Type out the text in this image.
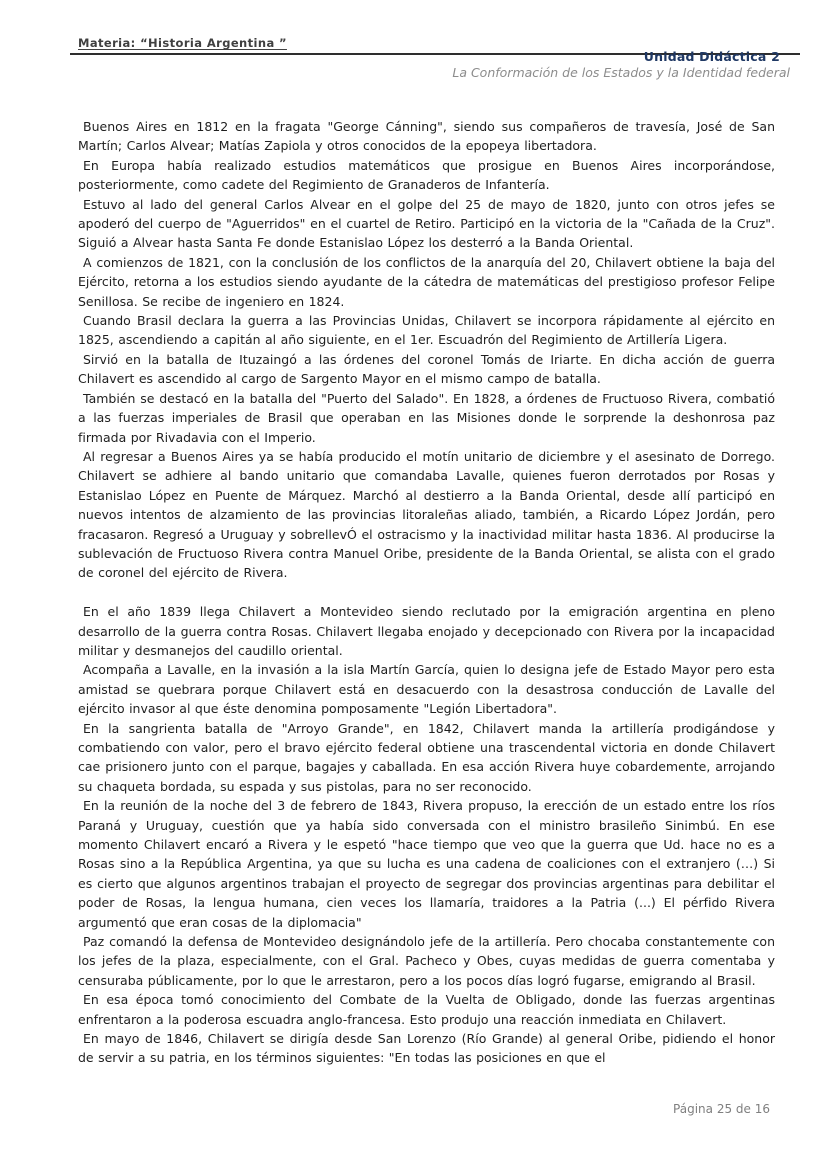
Materia: “Historia Argentina ”
Unidad Didáctica 2
La Conformación de los Estados y la Identidad federal

Buenos Aires en 1812 en la fragata "George Cánning", siendo sus compañeros de travesía, José de San Martín; Carlos Alvear; Matías Zapiola y otros conocidos de la epopeya libertadora.

En Europa había realizado estudios matemáticos que prosigue en Buenos Aires incorporándose, posteriormente, como cadete del Regimiento de Granaderos de Infantería.

Estuvo al lado del general Carlos Alvear en el golpe del 25 de mayo de 1820, junto con otros jefes se apoderó del cuerpo de "Aguerridos" en el cuartel de Retiro. Participó en la victoria de la "Cañada de la Cruz". Siguió a Alvear hasta Santa Fe donde Estanislao López los desterró a la Banda Oriental.

A comienzos de 1821, con la conclusión de los conflictos de la anarquía del 20, Chilavert obtiene la baja del Ejército, retorna a los estudios siendo ayudante de la cátedra de matemáticas del prestigioso profesor Felipe Senillosa. Se recibe de ingeniero en 1824.

Cuando Brasil declara la guerra a las Provincias Unidas, Chilavert se incorpora rápidamente al ejército en 1825, ascendiendo a capitán al año siguiente, en el 1er. Escuadrón del Regimiento de Artillería Ligera.

Sirvió en la batalla de Ituzaingó a las órdenes del coronel Tomás de Iriarte. En dicha acción de guerra Chilavert es ascendido al cargo de Sargento Mayor en el mismo campo de batalla.

También se destacó en la batalla del "Puerto del Salado". En 1828, a órdenes de Fructuoso Rivera, combatió a las fuerzas imperiales de Brasil que operaban en las Misiones donde le sorprende la deshonrosa paz firmada por Rivadavia con el Imperio.

Al regresar a Buenos Aires ya se había producido el motín unitario de diciembre y el asesinato de Dorrego. Chilavert se adhiere al bando unitario que comandaba Lavalle, quienes fueron derrotados por Rosas y Estanislao López en Puente de Márquez. Marchó al destierro a la Banda Oriental, desde allí participó en nuevos intentos de alzamiento de las provincias litoraleñas aliado, también, a Ricardo López Jordán, pero fracasaron. Regresó a Uruguay y sobrellevÓ el ostracismo y la inactividad militar hasta 1836. Al producirse la sublevación de Fructuoso Rivera contra Manuel Oribe, presidente de la Banda Oriental, se alista con el grado de coronel del ejército de Rivera.

En el año 1839 llega Chilavert a Montevideo siendo reclutado por la emigración argentina en pleno desarrollo de la guerra contra Rosas. Chilavert llegaba enojado y decepcionado con Rivera por la incapacidad militar y desmanejos del caudillo oriental.

Acompaña a Lavalle, en la invasión a la isla Martín García, quien lo designa jefe de Estado Mayor pero esta amistad se quebrara porque Chilavert está en desacuerdo con la desastrosa conducción de Lavalle del ejército invasor al que éste denomina pomposamente "Legión Libertadora".

En la sangrienta batalla de "Arroyo Grande", en 1842, Chilavert manda la artillería prodigándose y combatiendo con valor, pero el bravo ejército federal obtiene una trascendental victoria en donde Chilavert cae prisionero junto con el parque, bagajes y caballada. En esa acción Rivera huye cobardemente, arrojando su chaqueta bordada, su espada y sus pistolas, para no ser reconocido.

En la reunión de la noche del 3 de febrero de 1843, Rivera propuso, la erección de un estado entre los ríos Paraná y Uruguay, cuestión que ya había sido conversada con el ministro brasileño Sinimbú. En ese momento Chilavert encaró a Rivera y le espetó "hace tiempo que veo que la guerra que Ud. hace no es a Rosas sino a la República Argentina, ya que su lucha es una cadena de coaliciones con el extranjero (…) Si es cierto que algunos argentinos trabajan el proyecto de segregar dos provincias argentinas para debilitar el poder de Rosas, la lengua humana, cien veces los llamaría, traidores a la Patria (...) El pérfido Rivera argumentó que eran cosas de la diplomacia"

Paz comandó la defensa de Montevideo designándolo jefe de la artillería. Pero chocaba constantemente con los jefes de la plaza, especialmente, con el Gral. Pacheco y Obes, cuyas medidas de guerra comentaba y censuraba públicamente, por lo que le arrestaron, pero a los pocos días logró fugarse, emigrando al Brasil.

En esa época tomó conocimiento del Combate de la Vuelta de Obligado, donde las fuerzas argentinas enfrentaron a la poderosa escuadra anglo-francesa. Esto produjo una reacción inmediata en Chilavert.

En mayo de 1846, Chilavert se dirigía desde San Lorenzo (Río Grande) al general Oribe, pidiendo el honor de servir a su patria, en los términos siguientes: "En todas las posiciones en que el

Página 25 de 16
